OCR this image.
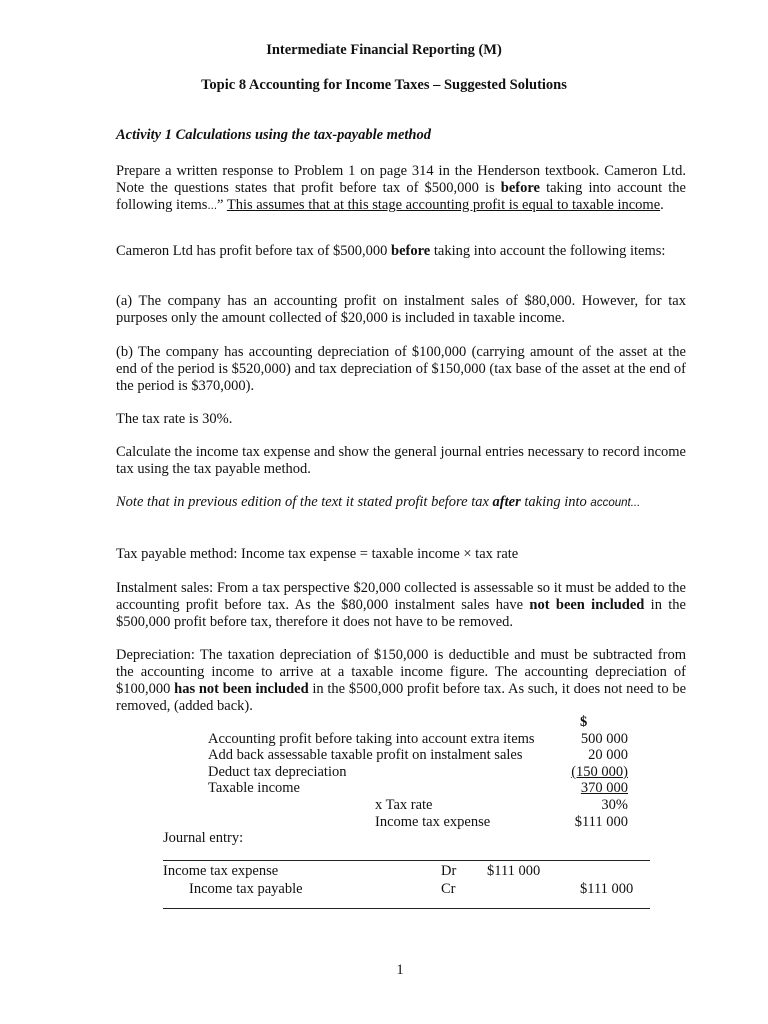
Intermediate Financial Reporting (M)
Topic 8 Accounting for Income Taxes – Suggested Solutions
Activity 1 Calculations using the tax-payable method

Prepare a written response to Problem 1 on page 314 in the Henderson textbook. Cameron Ltd. Note the questions states that profit before tax of $500,000 is before taking into account the following items...” This assumes that at this stage accounting profit is equal to taxable income.

Cameron Ltd has profit before tax of $500,000 before taking into account the following items:

(a) The company has an accounting profit on instalment sales of $80,000. However, for tax purposes only the amount collected of $20,000 is included in taxable income.

(b) The company has accounting depreciation of $100,000 (carrying amount of the asset at the end of the period is $520,000) and tax depreciation of $150,000 (tax base of the asset at the end of the period is $370,000).

The tax rate is 30%.

Calculate the income tax expense and show the general journal entries necessary to record income tax using the tax payable method.

Note that in previous edition of the text it stated profit before tax after taking into account...

Tax payable method: Income tax expense = taxable income × tax rate

Instalment sales: From a tax perspective $20,000 collected is assessable so it must be added to the accounting profit before tax. As the $80,000 instalment sales have not been included in the $500,000 profit before tax, therefore it does not have to be removed.

Depreciation: The taxation depreciation of $150,000 is deductible and must be subtracted from the accounting income to arrive at a taxable income figure. The accounting depreciation of $100,000 has not been included in the $500,000 profit before tax. As such, it does not need to be removed, (added back).

$
Accounting profit before taking into account extra items	500 000
Add back assessable taxable profit on instalment sales	20 000
Deduct tax depreciation	(150 000)
Taxable income	370 000
x Tax rate	30%
Income tax expense	$111 000
Journal entry:
Income tax expense	Dr $111 000
Income tax payable	Cr	$111 000
1
